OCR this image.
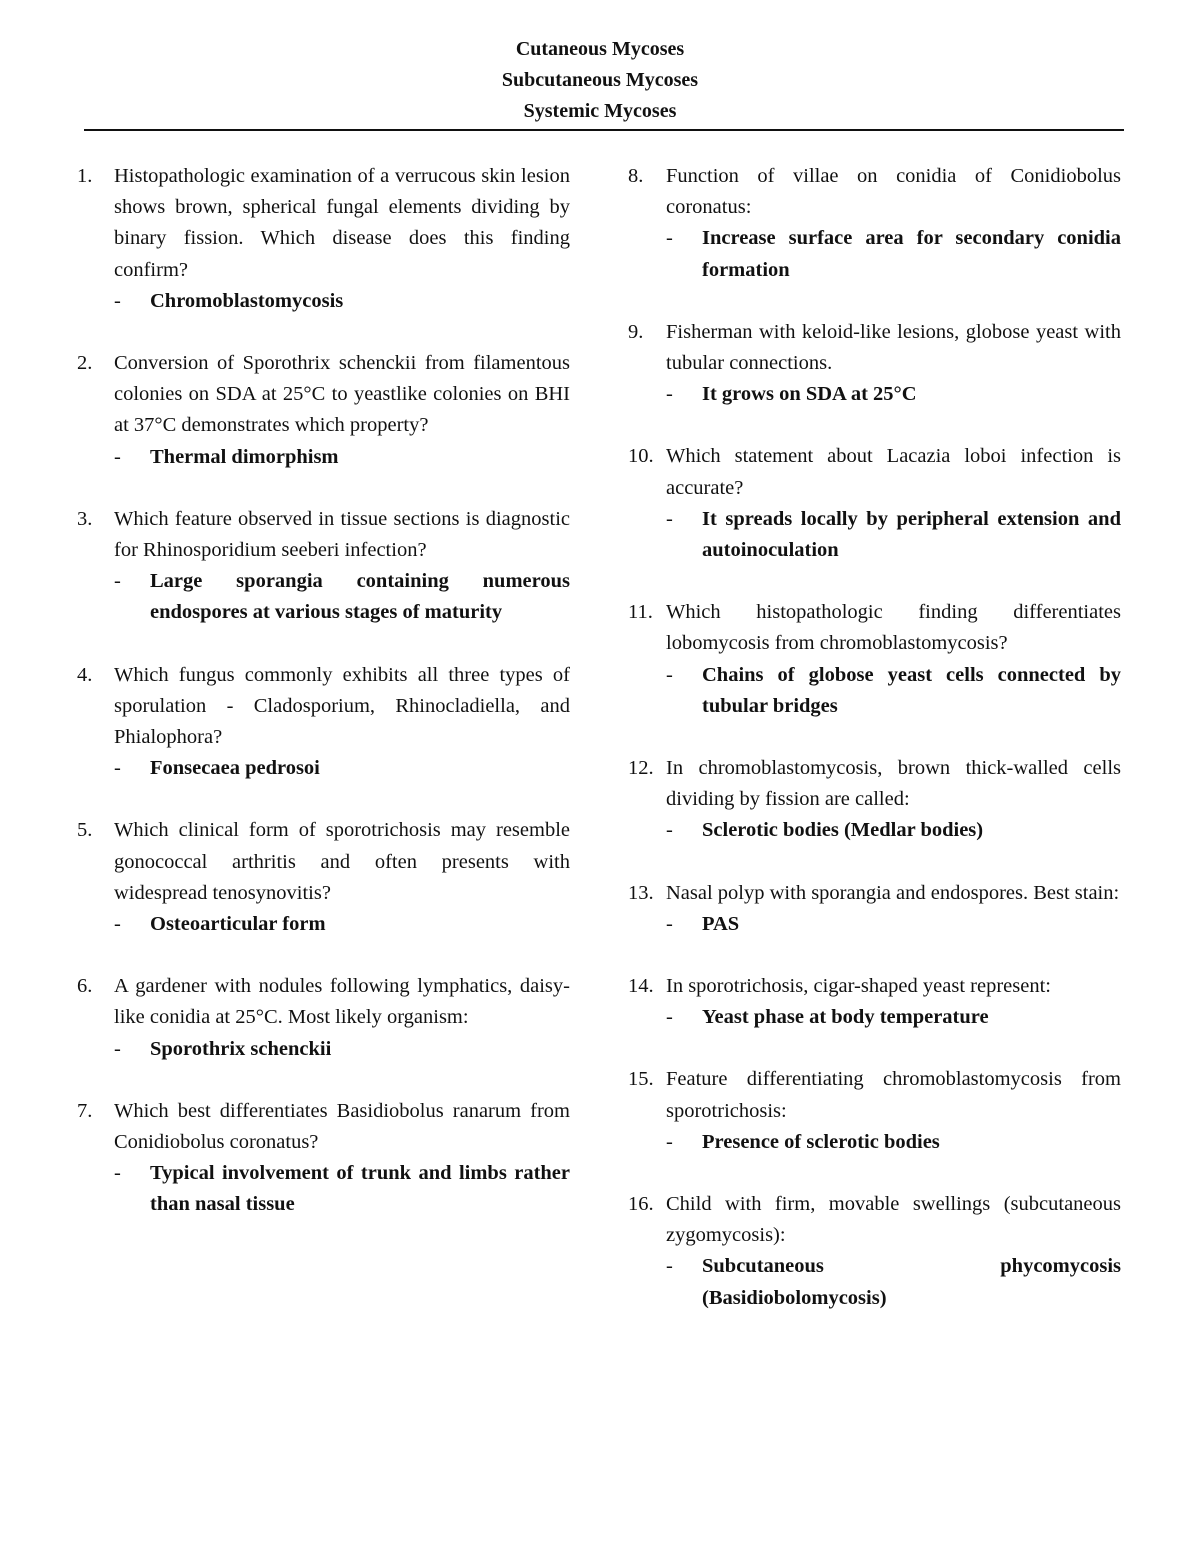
Cutaneous Mycoses
Subcutaneous Mycoses
Systemic Mycoses
1.	Histopathologic examination of a verrucous skin lesion shows brown, spherical fungal elements dividing by binary fission. Which disease does this finding confirm?
- Chromoblastomycosis
2.	Conversion of Sporothrix schenckii from filamentous colonies on SDA at 25°C to yeastlike colonies on BHI at 37°C demonstrates which property?
- Thermal dimorphism
3.	Which feature observed in tissue sections is diagnostic for Rhinosporidium seeberi infection?
- Large sporangia containing numerous endospores at various stages of maturity
4.	Which fungus commonly exhibits all three types of sporulation - Cladosporium, Rhinocladiella, and Phialophora?
- Fonsecaea pedrosoi
5.	Which clinical form of sporotrichosis may resemble gonococcal arthritis and often presents with widespread tenosynovitis?
- Osteoarticular form
6.	A gardener with nodules following lymphatics, daisy-like conidia at 25°C. Most likely organism:
- Sporothrix schenckii
7.	Which best differentiates Basidiobolus ranarum from Conidiobolus coronatus?
- Typical involvement of trunk and limbs rather than nasal tissue
8.	Function of villae on conidia of Conidiobolus coronatus:
- Increase surface area for secondary conidia formation
9.	Fisherman with keloid-like lesions, globose yeast with tubular connections.
- It grows on SDA at 25°C
10. Which statement about Lacazia loboi infection is accurate?
- It spreads locally by peripheral extension and autoinoculation
11. Which histopathologic finding differentiates lobomycosis from chromoblastomycosis?
- Chains of globose yeast cells connected by tubular bridges
12. In chromoblastomycosis, brown thick-walled cells dividing by fission are called:
- Sclerotic bodies (Medlar bodies)
13. Nasal polyp with sporangia and endospores. Best stain:
- PAS
14. In sporotrichosis, cigar-shaped yeast represent:
- Yeast phase at body temperature
15. Feature differentiating chromoblastomycosis from sporotrichosis:
- Presence of sclerotic bodies
16. Child with firm, movable swellings (subcutaneous zygomycosis):
- Subcutaneous phycomycosis (Basidiobolomycosis)
